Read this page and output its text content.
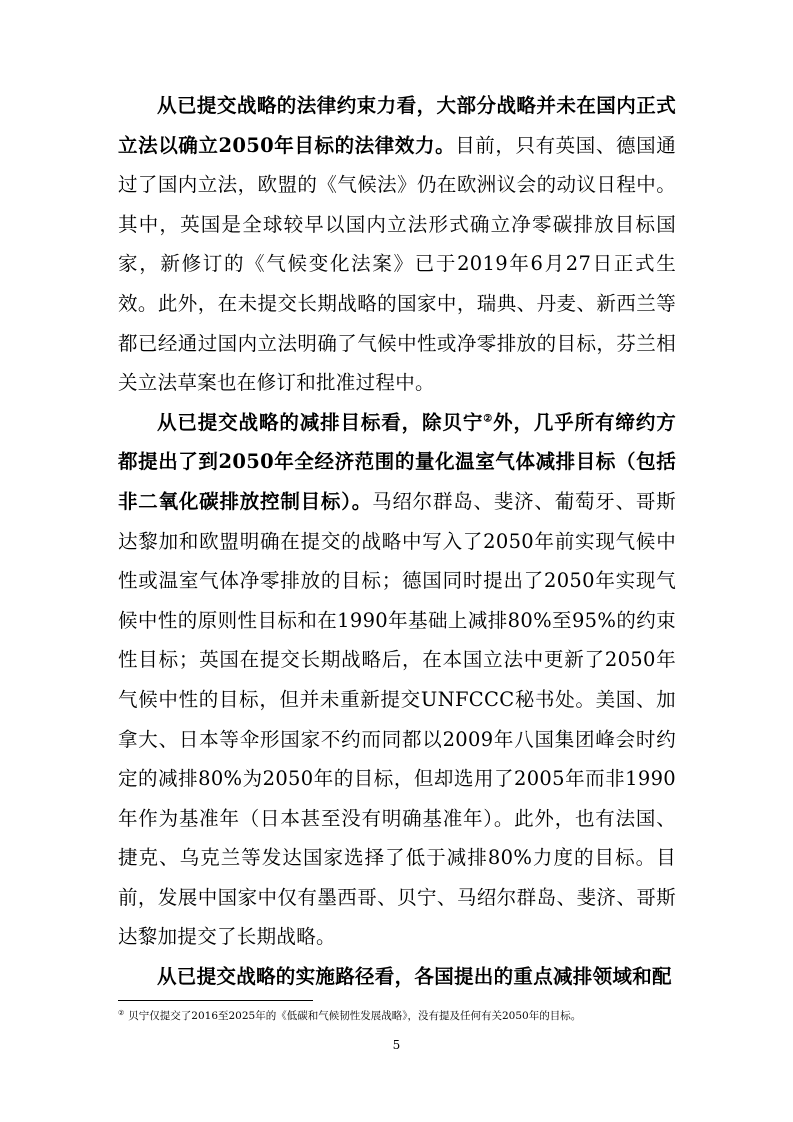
从已提交战略的法律约束力看，大部分战略并未在国内正式立法以确立2050年目标的法律效力。目前，只有英国、德国通过了国内立法，欧盟的《气候法》仍在欧洲议会的动议日程中。其中，英国是全球较早以国内立法形式确立净零碳排放目标国家，新修订的《气候变化法案》已于2019年6月27日正式生效。此外，在未提交长期战略的国家中，瑞典、丹麦、新西兰等都已经通过国内立法明确了气候中性或净零排放的目标，芬兰相关立法草案也在修订和批准过程中。

从已提交战略的减排目标看，除贝宁②外，几乎所有缔约方都提出了到2050年全经济范围的量化温室气体减排目标（包括非二氧化碳排放控制目标）。马绍尔群岛、斐济、葡萄牙、哥斯达黎加和欧盟明确在提交的战略中写入了2050年前实现气候中性或温室气体净零排放的目标；德国同时提出了2050年实现气候中性的原则性目标和在1990年基础上减排80%至95%的约束性目标；英国在提交长期战略后，在本国立法中更新了2050年气候中性的目标，但并未重新提交UNFCCC秘书处。美国、加拿大、日本等伞形国家不约而同都以2009年八国集团峰会时约定的减排80%为2050年的目标，但却选用了2005年而非1990年作为基准年（日本甚至没有明确基准年）。此外，也有法国、捷克、乌克兰等发达国家选择了低于减排80%力度的目标。目前，发展中国家中仅有墨西哥、贝宁、马绍尔群岛、斐济、哥斯达黎加提交了长期战略。

从已提交战略的实施路径看，各国提出的重点减排领域和配

② 贝宁仅提交了2016至2025年的《低碳和气候韧性发展战略》，没有提及任何有关2050年的目标。
5
